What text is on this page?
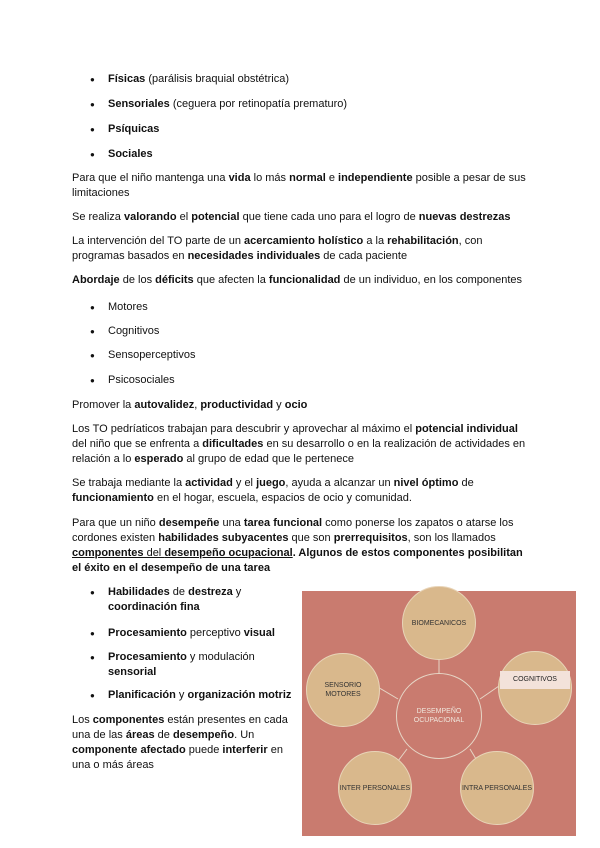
Físicas (parálisis braquial obstétrica)
Sensoriales (ceguera por retinopatía prematuro)
Psíquicas
Sociales
Para que el niño mantenga una vida lo más normal e independiente posible a pesar de sus limitaciones
Se realiza valorando el potencial que tiene cada uno para el logro de nuevas destrezas
La intervención del TO parte de un acercamiento holístico a la rehabilitación, con programas basados en necesidades individuales de cada paciente
Abordaje de los déficits que afecten la funcionalidad de un individuo, en los componentes
Motores
Cognitivos
Sensoperceptivos
Psicosociales
Promover la autovalidez, productividad y ocio
Los TO pedríaticos trabajan para descubrir y aprovechar al máximo el potencial individual del niño que se enfrenta a dificultades en su desarrollo o en la realización de actividades en relación a lo esperado al grupo de edad que le pertenece
Se trabaja mediante la actividad y el juego, ayuda a alcanzar un nivel óptimo de funcionamiento en el hogar, escuela, espacios de ocio y comunidad.
Para que un niño desempeñe una tarea funcional como ponerse los zapatos o atarse los cordones existen habilidades subyacentes que son prerrequisitos, son los llamados componentes del desempeño ocupacional. Algunos de estos componentes posibilitan el éxito en el desempeño de una tarea
● Habilidades de destreza y coordinación fina
● Procesamiento perceptivo visual
● Procesamiento y modulación sensorial
● Planificación y organización motriz
Los componentes están presentes en cada una de las áreas de desempeño. Un componente afectado puede interferir en una o más áreas
BIOMECANICOS
SENSORIO MOTORES
COGNITIVOS
DESEMPEÑO OCUPACIONAL
INTER PERSONALES	INTRA PERSONALES
